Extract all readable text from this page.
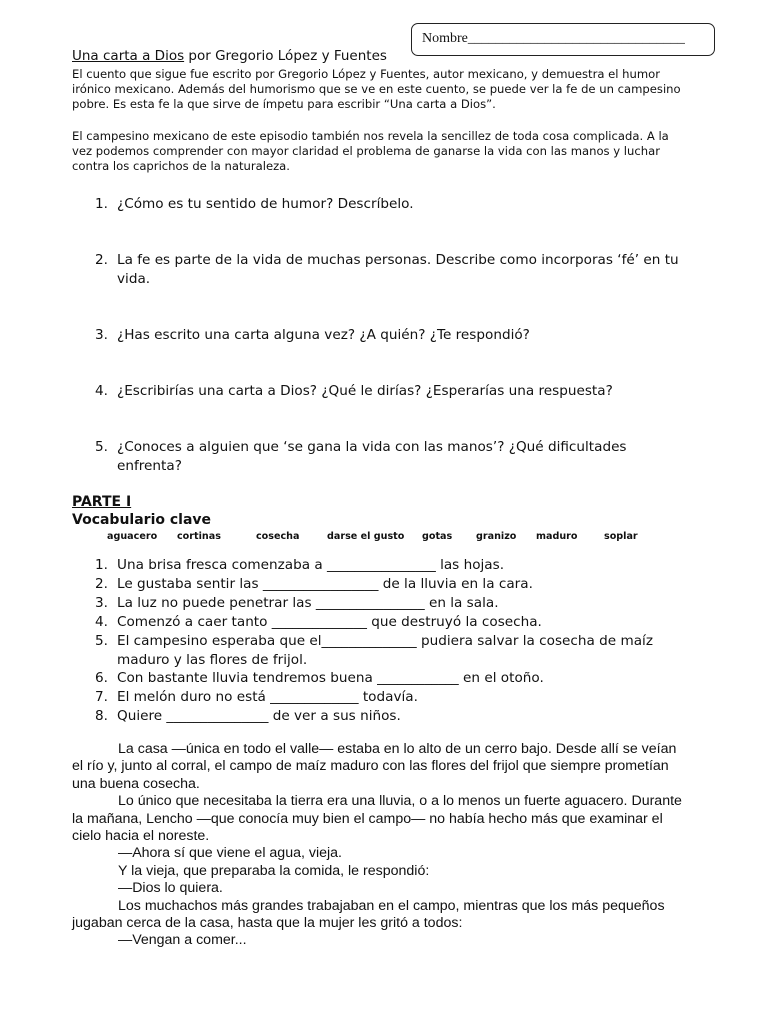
Nombre_______________________________
Una carta a Dios por Gregorio López y Fuentes

El cuento que sigue fue escrito por Gregorio López y Fuentes, autor mexicano, y demuestra el humor irónico mexicano. Además del humorismo que se ve en este cuento, se puede ver la fe de un campesino pobre. Es esta fe la que sirve de ímpetu para escribir “Una carta a Dios”.

El campesino mexicano de este episodio también nos revela la sencillez de toda cosa complicada. A la vez podemos comprender con mayor claridad el problema de ganarse la vida con las manos y luchar contra los caprichos de la naturaleza.

1. ¿Cómo es tu sentido de humor? Descríbelo.
2. La fe es parte de la vida de muchas personas. Describe como incorporas ‘fé’ en tu vida.
3. ¿Has escrito una carta alguna vez? ¿A quién? ¿Te respondió?
4. ¿Escribirías una carta a Dios? ¿Qué le dirías? ¿Esperarías una respuesta?
5. ¿Conoces a alguien que ‘se gana la vida con las manos’? ¿Qué dificultades enfrenta?
PARTE I
Vocabulario clave
aguacero cortinas	cosecha	darse el gusto gotas granizo maduro	soplar
1. Una brisa fresca comenzaba a ________________ las hojas.
2. Le gustaba sentir las _________________ de la lluvia en la cara.
3. La luz no puede penetrar las ________________ en la sala.
4. Comenzó a caer tanto ______________ que destruyó la cosecha.
5. El campesino esperaba que el______________ pudiera salvar la cosecha de maíz maduro y las flores de frijol.
6. Con bastante lluvia tendremos buena ____________ en el otoño.
7. El melón duro no está _____________ todavía.
8. Quiere _______________ de ver a sus niños.

La casa —única en todo el valle— estaba en lo alto de un cerro bajo. Desde allí se veían el río y, junto al corral, el campo de maíz maduro con las flores del frijol que siempre prometían una buena cosecha.

Lo único que necesitaba la tierra era una lluvia, o a lo menos un fuerte aguacero. Durante la mañana, Lencho —que conocía muy bien el campo— no había hecho más que examinar el cielo hacia el noreste.

—Ahora sí que viene el agua, vieja.

Y la vieja, que preparaba la comida, le respondió:

—Dios lo quiera.

Los muchachos más grandes trabajaban en el campo, mientras que los más pequeños jugaban cerca de la casa, hasta que la mujer les gritó a todos:

—Vengan a comer...
